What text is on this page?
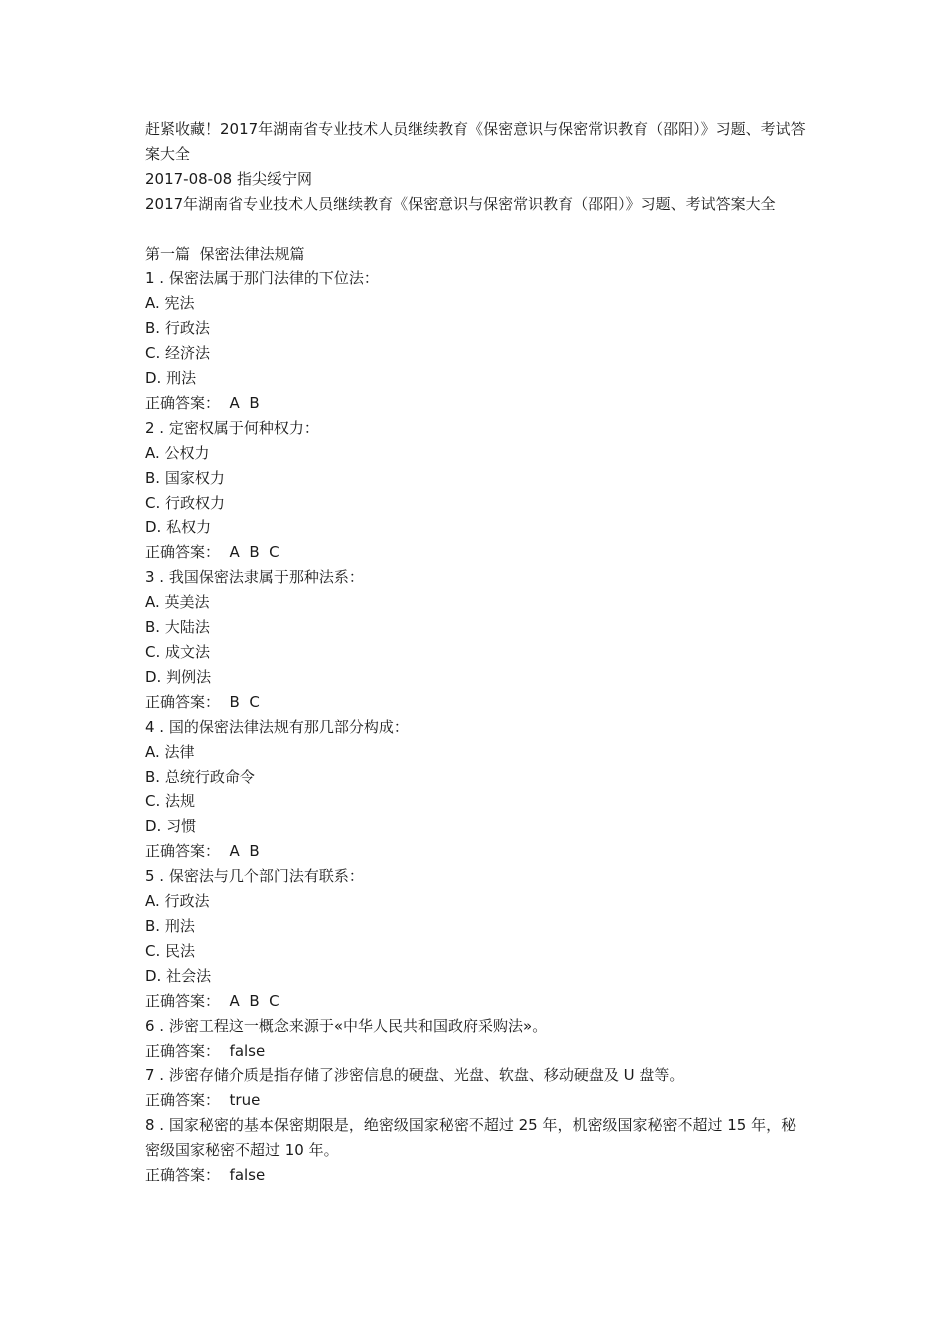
赶紧收藏！2017年湖南省专业技术人员继续教育《保密意识与保密常识教育（邵阳）》习题、考试答案大全

2017-08-08 指尖绥宁网

2017年湖南省专业技术人员继续教育《保密意识与保密常识教育（邵阳）》习题、考试答案大全

第一篇  保密法律法规篇

1 . 保密法属于那门法律的下位法：

A. 宪法

B. 行政法

C. 经济法

D. 刑法

正确答案：  A  B

2 . 定密权属于何种权力：

A. 公权力

B. 国家权力

C. 行政权力

D. 私权力

正确答案：  A  B  C

3 . 我国保密法隶属于那种法系：

A. 英美法

B. 大陆法

C. 成文法

D. 判例法

正确答案：  B  C

4 . 国的保密法律法规有那几部分构成：

A. 法律

B. 总统行政命令

C. 法规

D. 习惯

正确答案：  A  B

5 . 保密法与几个部门法有联系：

A. 行政法

B. 刑法

C. 民法

D. 社会法

正确答案：  A  B  C

6 . 涉密工程这一概念来源于«中华人民共和国政府采购法»。

正确答案：  false

7 . 涉密存储介质是指存储了涉密信息的硬盘、光盘、软盘、移动硬盘及 U 盘等。

正确答案：  true

8 . 国家秘密的基本保密期限是，绝密级国家秘密不超过 25 年，机密级国家秘密不超过 15 年，秘密级国家秘密不超过 10 年。

正确答案：  false
